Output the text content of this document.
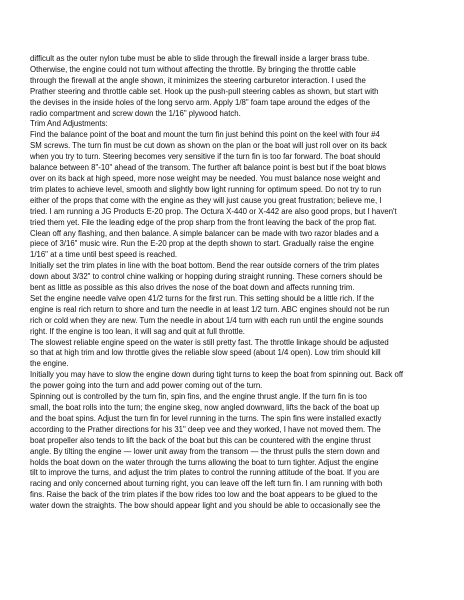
difficult as the outer nylon tube must be able to slide through the firewall inside a larger brass tube.
Otherwise, the engine could not turn without affecting the throttle. By bringing the throttle cable
through the firewall at the angle shown, it minimizes the steering carburetor interaction. I used the
Prather steering and throttle cable set. Hook up the push-pull steering cables as shown, but start with
the devises in the inside holes of the long servo arm. Apply 1/8" foam tape around the edges of the
radio compartment and screw down the 1/16" plywood hatch.
Trim And Adjustments:
Find the balance point of the boat and mount the turn fin just behind this point on the keel with four #4
SM screws. The turn fin must be cut down as shown on the plan or the boat will just roll over on its back
when you try to turn. Steering becomes very sensitive if the turn fin is too far forward. The boat should
balance between 8"-10" ahead of the transom. The further aft balance point is best but if the boat blows
over on its back at high speed, more nose weight may be needed. You must balance nose weight and
trim plates to achieve level, smooth and slightly bow light running for optimum speed. Do not try to run
either of the props that come with the engine as they will just cause you great frustration; believe me, I
tried. I am running a JG Products E-20 prop. The Octura X-440 or X-442 are also good props, but I haven't
tried them yet. File the leading edge of the prop sharp from the front leaving the back of the prop flat.
Clean off any flashing, and then balance. A simple balancer can be made with two razor blades and a
piece of 3/16" music wire. Run the E-20 prop at the depth shown to start. Gradually raise the engine
1/16" at a time until best speed is reached.
Initially set the trim plates in line with the boat bottom. Bend the rear outside corners of the trim plates
down about 3/32" to control chine walking or hopping during straight running. These corners should be
bent as little as possible as this also drives the nose of the boat down and affects running trim.
Set the engine needle valve open 41/2 turns for the first run. This setting should be a little rich. If the
engine is real rich return to shore and turn the needle in at least 1/2 turn. ABC engines should not be run
rich or cold when they are new. Turn the needle in about 1/4 turn with each run until the engine sounds
right. If the engine is too lean, it will sag and quit at full throttle.
The slowest reliable engine speed on the water is still pretty fast. The throttle linkage should be adjusted
so that at high trim and low throttle gives the reliable slow speed (about 1/4 open). Low trim should kill
the engine.
Initially you may have to slow the engine down during tight turns to keep the boat from spinning out. Back off
the power going into the turn and add power coming out of the turn.
Spinning out is controlled by the turn fin, spin fins, and the engine thrust angle. If the turn fin is too
small, the boat rolls into the turn; the engine skeg, now angled downward, lifts the back of the boat up
and the boat spins. Adjust the turn fin for level running in the turns. The spin fins were installed exactly
according to the Prather directions for his 31" deep vee and they worked, I have not moved them. The
boat propeller also tends to lift the back of the boat but this can be countered with the engine thrust
angle. By tilting the engine — lower unit away from the transom — the thrust pulls the stern down and
holds the boat down on the water through the turns allowing the boat to turn tighter. Adjust the engine
tilt to improve the turns, and adjust the trim plates to control the running attitude of the boat. If you are
racing and only concerned about turning right, you can leave off the left turn fin. I am running with both
fins. Raise the back of the trim plates if the bow rides too low and the boat appears to be glued to the
water down the straights. The bow should appear light and you should be able to occasionally see the
